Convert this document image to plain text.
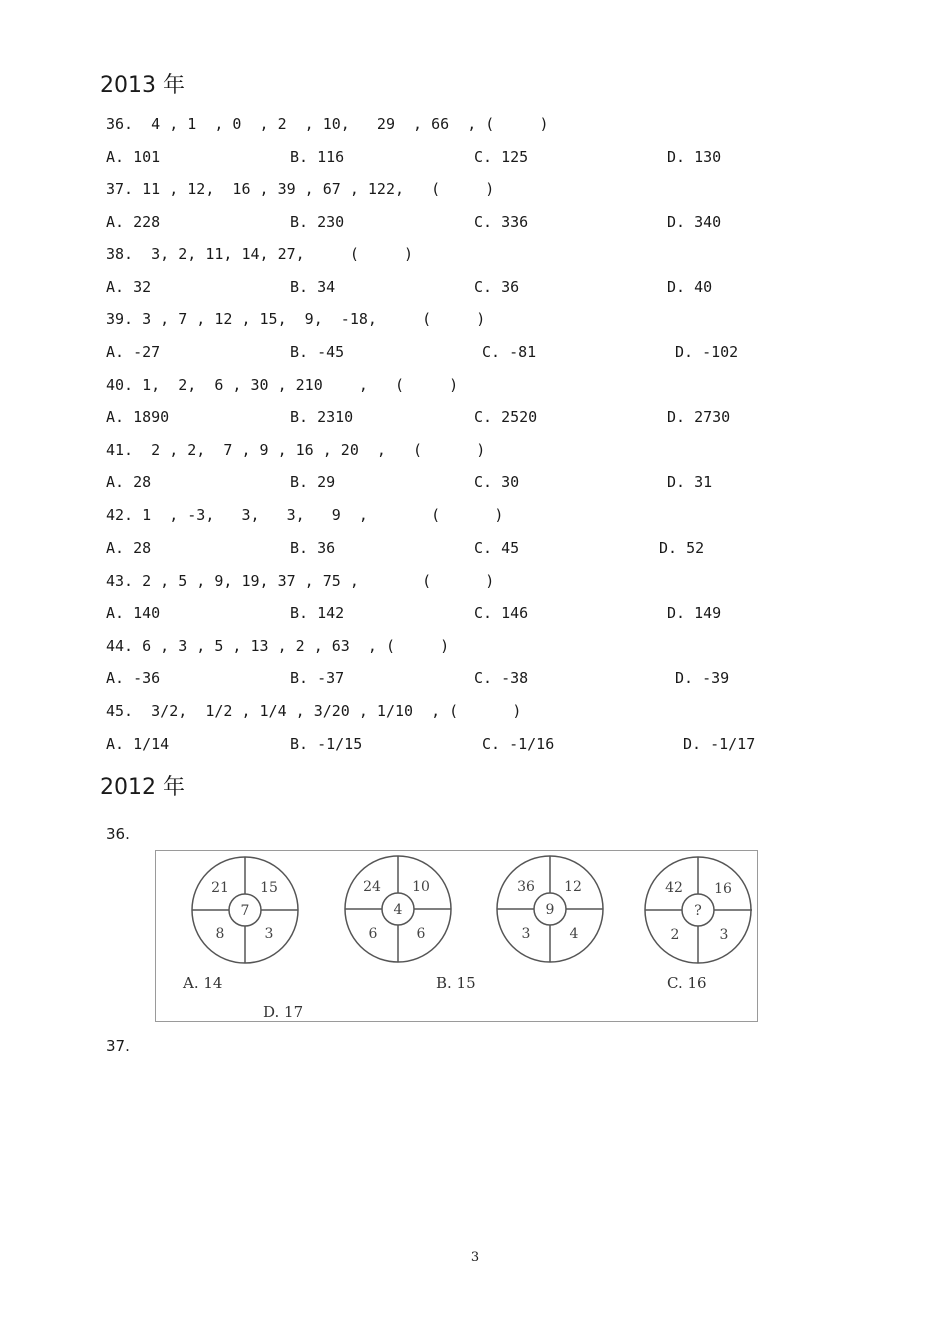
2013 年
36.  4 , 1  , 0  , 2  , 10,   29  , 66  , (     )
A. 101	B. 116	C. 125	D. 130
37. 11 , 12,  16 , 39 , 67 , 122,   (     )
A. 228	B. 230	C. 336	D. 340
38.  3, 2, 11, 14, 27,     (     )
A. 32	B. 34	C. 36	D. 40
39. 3 , 7 , 12 , 15,  9,  -18,     (     )
A. -27	B. -45	C. -81	D. -102
40. 1,  2,  6 , 30 , 210    ,   (     )
A. 1890	B. 2310	C. 2520	D. 2730
41.  2 , 2,  7 , 9 , 16 , 20  ,   (      )
A. 28	B. 29	C. 30	D. 31
42. 1  , -3,   3,   3,   9  ,       (      )
A. 28	B. 36	C. 45	D. 52
43. 2 , 5 , 9, 19, 37 , 75 ,       (      )
A. 140	B. 142	C. 146	D. 149
44. 6 , 3 , 5 , 13 , 2 , 63  , (     )
A. -36	B. -37	C. -38	D. -39
45.  3/2,  1/2 , 1/4 , 3/20 , 1/10  , (      )
A. 1/14	B. -1/15	C. -1/16	D. -1/17
2012 年
36.
21 15
8	3
7
24 10
6	6
4
36 12
3	4
9
42 16
2	3
?
A. 14	B. 15	C. 16
D. 17
37.
3
